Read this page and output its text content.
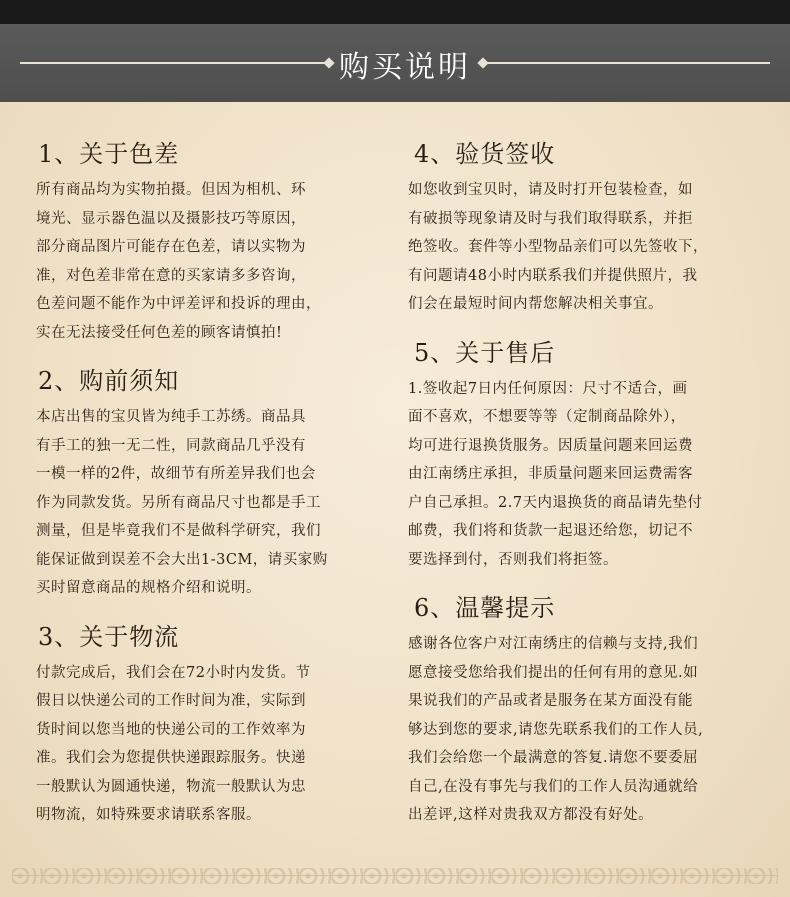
购买说明
1、关于色差
所有商品均为实物拍摄。但因为相机、环
境光、显示器色温以及摄影技巧等原因，
部分商品图片可能存在色差，请以实物为
准，对色差非常在意的买家请多多咨询，
色差问题不能作为中评差评和投诉的理由，
实在无法接受任何色差的顾客请慎拍!
2、购前须知
本店出售的宝贝皆为纯手工苏绣。商品具
有手工的独一无二性，同款商品几乎没有
一模一样的2件，故细节有所差异我们也会
作为同款发货。另所有商品尺寸也都是手工
测量，但是毕竟我们不是做科学研究，我们
能保证做到误差不会大出1-3CM，请买家购
买时留意商品的规格介绍和说明。
3、关于物流
付款完成后，我们会在72小时内发货。节
假日以快递公司的工作时间为准，实际到
货时间以您当地的快递公司的工作效率为
准。我们会为您提供快递跟踪服务。快递
一般默认为圆通快递，物流一般默认为忠
明物流，如特殊要求请联系客服。
4、验货签收
如您收到宝贝时，请及时打开包装检查，如
有破损等现象请及时与我们取得联系，并拒
绝签收。套件等小型物品亲们可以先签收下，
有问题请48小时内联系我们并提供照片，我
们会在最短时间内帮您解决相关事宜。
5、关于售后
1.签收起7日内任何原因：尺寸不适合，画
面不喜欢，不想要等等（定制商品除外），
均可进行退换货服务。因质量问题来回运费
由江南绣庄承担，非质量问题来回运费需客
户自己承担。2.7天内退换货的商品请先垫付
邮费，我们将和货款一起退还给您，切记不
要选择到付，否则我们将拒签。
6、温馨提示
感谢各位客户对江南绣庄的信赖与支持,我们
愿意接受您给我们提出的任何有用的意见.如
果说我们的产品或者是服务在某方面没有能
够达到您的要求,请您先联系我们的工作人员,
我们会给您一个最满意的答复.请您不要委屈
自己,在没有事先与我们的工作人员沟通就给
出差评,这样对贵我双方都没有好处。
